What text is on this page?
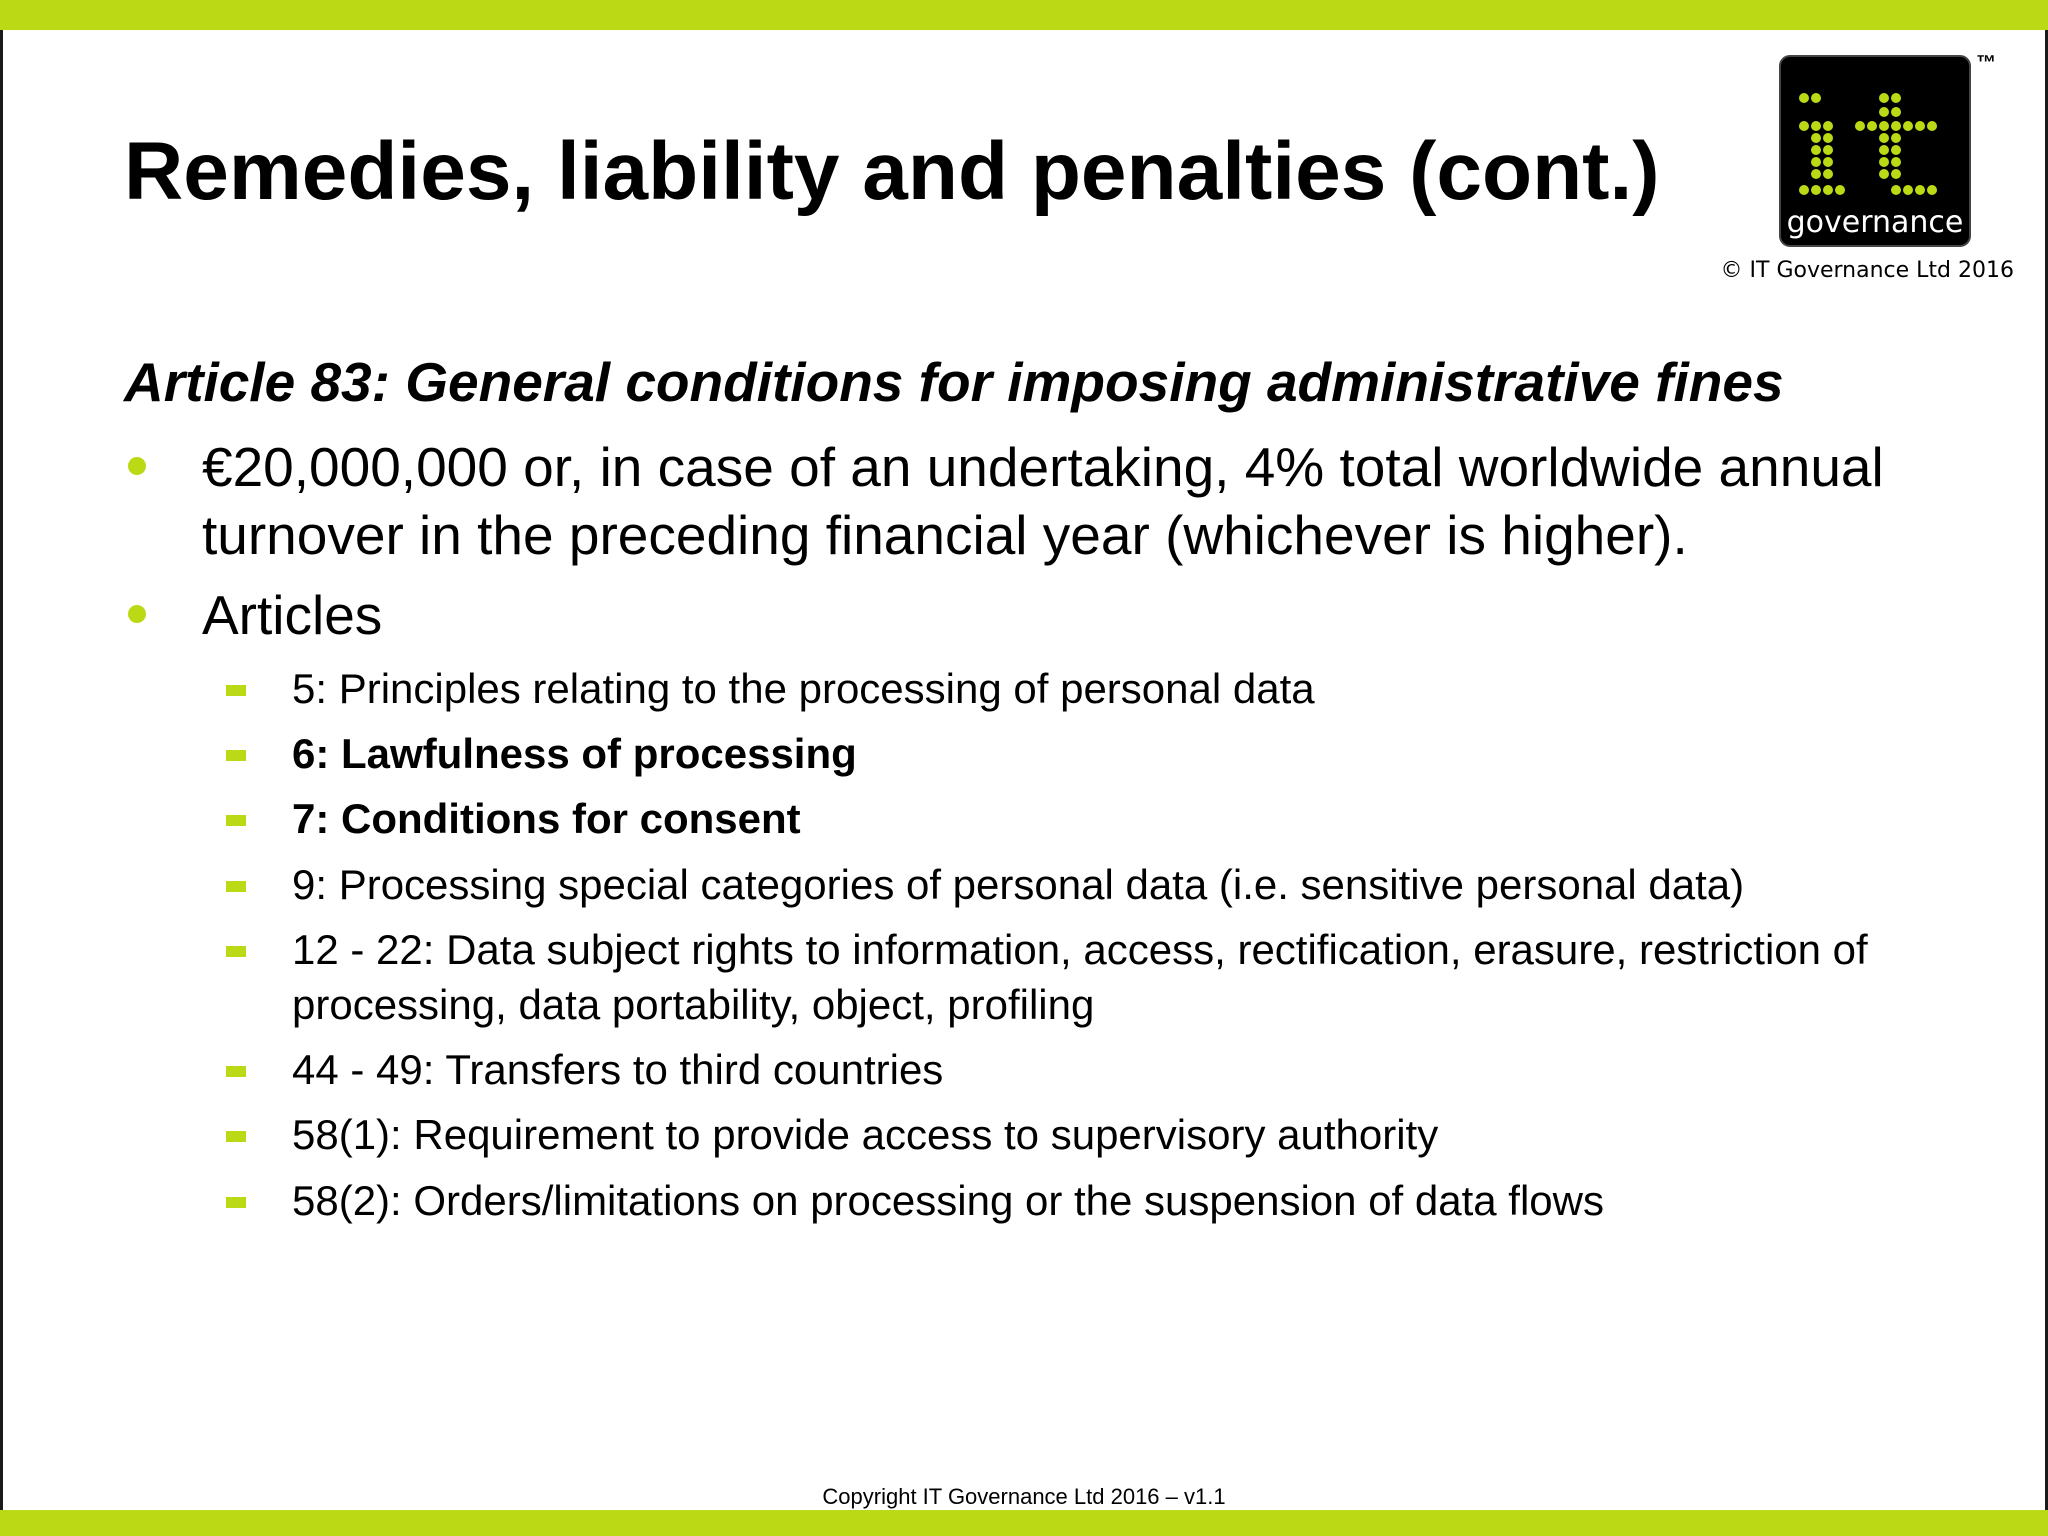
Remedies, liability and penalties (cont.)
governance
™
© IT Governance Ltd 2016
Article 83: General conditions for imposing administrative fines
€20,000,000 or, in case of an undertaking, 4% total worldwide annual turnover in the preceding financial year (whichever is higher).
Articles
5: Principles relating to the processing of personal data
6: Lawfulness of processing
7: Conditions for consent
9: Processing special categories of personal data (i.e. sensitive personal data)
12 - 22: Data subject rights to information, access, rectification, erasure, restriction of processing, data portability, object, profiling
44 - 49: Transfers to third countries
58(1): Requirement to provide access to supervisory authority
58(2): Orders/limitations on processing or the suspension of data flows
Copyright IT Governance Ltd 2016 – v1.1
